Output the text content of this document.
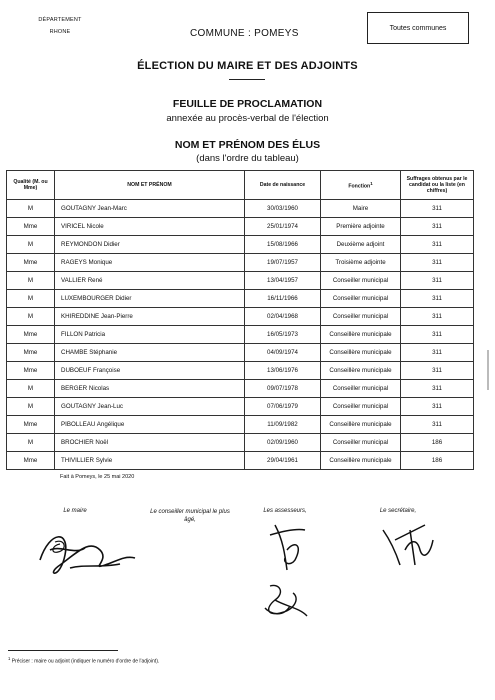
DÉPARTEMENT
RHONE	COMMUNE : POMEYS	Toutes communes
ÉLECTION DU MAIRE ET DES ADJOINTS
FEUILLE DE PROCLAMATION
annexée au procès-verbal de l'élection
NOM ET PRÉNOM DES ÉLUS
(dans l'ordre du tableau)
Qualité (M. ou Mme)	NOM ET PRÉNOM	Date de naissance	Fonction$^1$	Suffrages obtenus par le candidat ou la liste (en chiffres)
M	GOUTAGNY Jean-Marc	30/03/1960	Maire	311
Mme	VIRICEL Nicole	25/01/1974	Première adjointe	311
M	REYMONDON Didier	15/08/1966	Deuxième adjoint	311
Mme	RAGEYS Monique	19/07/1957	Troisième adjointe	311
M	VALLIER René	13/04/1957	Conseiller municipal	311
M	LUXEMBOURGER Didier	16/11/1966	Conseiller municipal	311
M	KHIREDDINE Jean-Pierre	02/04/1968	Conseiller municipal	311
Mme	FILLON Patricia	16/05/1973	Conseillère municipale	311
Mme	CHAMBE Stéphanie	04/09/1974	Conseillère municipale	311
Mme	DUBOEUF Françoise	13/06/1976	Conseillère municipale	311
M	BERGER Nicolas	09/07/1978	Conseiller municipal	311
M	GOUTAGNY Jean-Luc	07/06/1979	Conseiller municipal	311
Mme	PIBOLLEAU Angélique	11/09/1982	Conseillère municipale	311
M	BROCHIER Noël	02/09/1960	Conseiller municipal	186
Mme	THIVILLIER Sylvie	29/04/1961	Conseillère municipale	186
Fait à Pomeys, le 25 mai 2020
Le maire	Le conseiller municipal le plus âgé,
Les assesseurs,	Le secrétaire,
$^1$ Préciser : maire ou adjoint (indiquer le numéro d'ordre de l'adjoint).
